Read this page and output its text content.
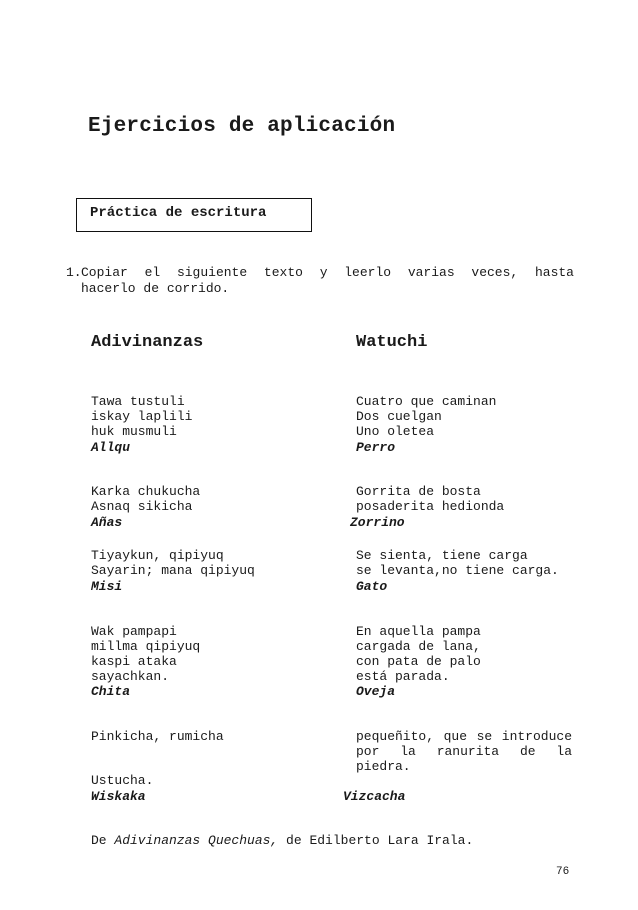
Ejercicios de aplicación
Práctica de escritura
1. Copiar el siguiente texto y leerlo varias veces, hasta
hacerlo de corrido.
Adivinanzas	Watuchi
Tawa tustuli
iskay laplili
huk musmuli
Allqu
Cuatro que caminan
Dos cuelgan
Uno oletea
Perro
Karka chukucha
Asnaq sikicha
Añas
Gorrita de bosta
posaderita hedionda
Zorrino
Tiyaykun, qipiyuq
Sayarin; mana qipiyuq
Misi
Se sienta, tiene carga
se levanta,no tiene carga.
Gato
Wak pampapi
millma qipiyuq
kaspi ataka
sayachkan.
Chita
En aquella pampa
cargada de lana,
con pata de palo
está parada.
Oveja
Pinkicha, rumicha
Ustucha.
Wiskaka
pequeñito, que se introduce por la ranurita de la piedra.
Vizcacha
De Adivinanzas Quechuas, de Edilberto Lara Irala.
76
